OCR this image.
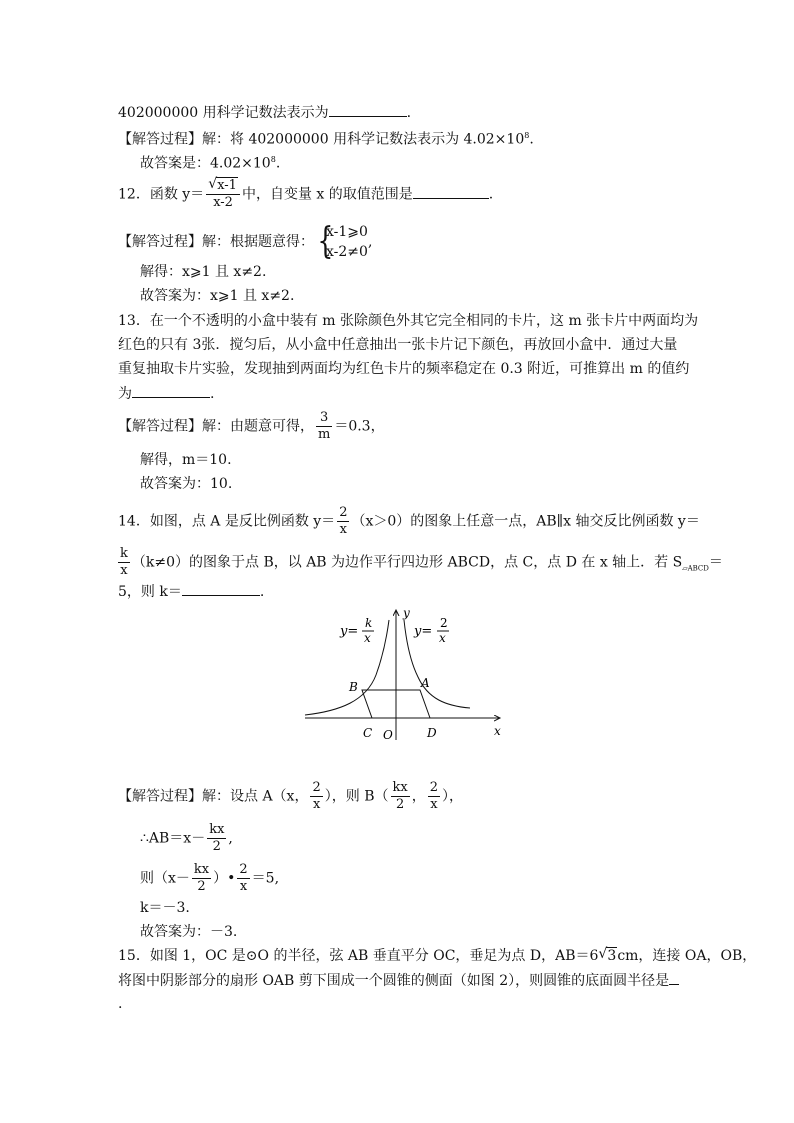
402000000 用科学记数法表示为	.
【解答过程】解：将 402000000 用科学记数法表示为 $4.02\times 10^8$.
故答案是：$4.02\times 10^8$.
12．函数 $y= \frac{√ x-1}{x-2}$ 中，自变量 x 的取值范围是	.
【解答过程】解：根据题意得： {
x-1⩾0
x-2≠0
,
解得：x⩾1 且 x≠2.
故答案为：x⩾1 且 x≠2.
13．在一个不透明的小盒中装有 m 张除颜色外其它完全相同的卡片，这 m 张卡片中两面均为
红色的只有 3张．搅匀后，从小盒中任意抽出一张卡片记下颜色，再放回小盒中．通过大量
重复抽取卡片实验，发现抽到两面均为红色卡片的频率稳定在 0.3 附近，可推算出 m 的值约
为	.
【解答过程】解：由题意可得， $\frac{3}{m} =0.3$，
解得，m＝10.
故答案为：10.
14．如图，点 A 是反比例函数 $y= \frac{2}{x} (x>0)$的图象上任意一点，AB∥x 轴交反比例函数 y＝
$\frac{k}{x} (k\ne 0)$的图象于点 B，以 AB 为边作平行四边形 ABCD，点 C，点 D 在 x 轴上．若 $S_{▱ABCD}=$
5，则 k＝	.
y=
k
x	y=
2
x
y
x
A
B
C O	D
【解答过程】解：设点 A（x， $\frac{2}{x}$ ），则 $B( \frac{kx}{2}$ ， $\frac{2}{x}$ ），
∴AB＝x－ $\frac{kx}{2}$ ,
则（$x- \frac{kx}{2}$ ）• $\frac{2}{x} =5$,
k＝－3.
故答案为：－3.
15．如图 1，OC 是⊙O 的半径，弦 AB 垂直平分 OC，垂足为点 D，AB＝6 √ 3cm，连接 OA，OB，
将图中阴影部分的扇形 OAB 剪下围成一个圆锥的侧面（如图 2），则圆锥的底面圆半径是
.
